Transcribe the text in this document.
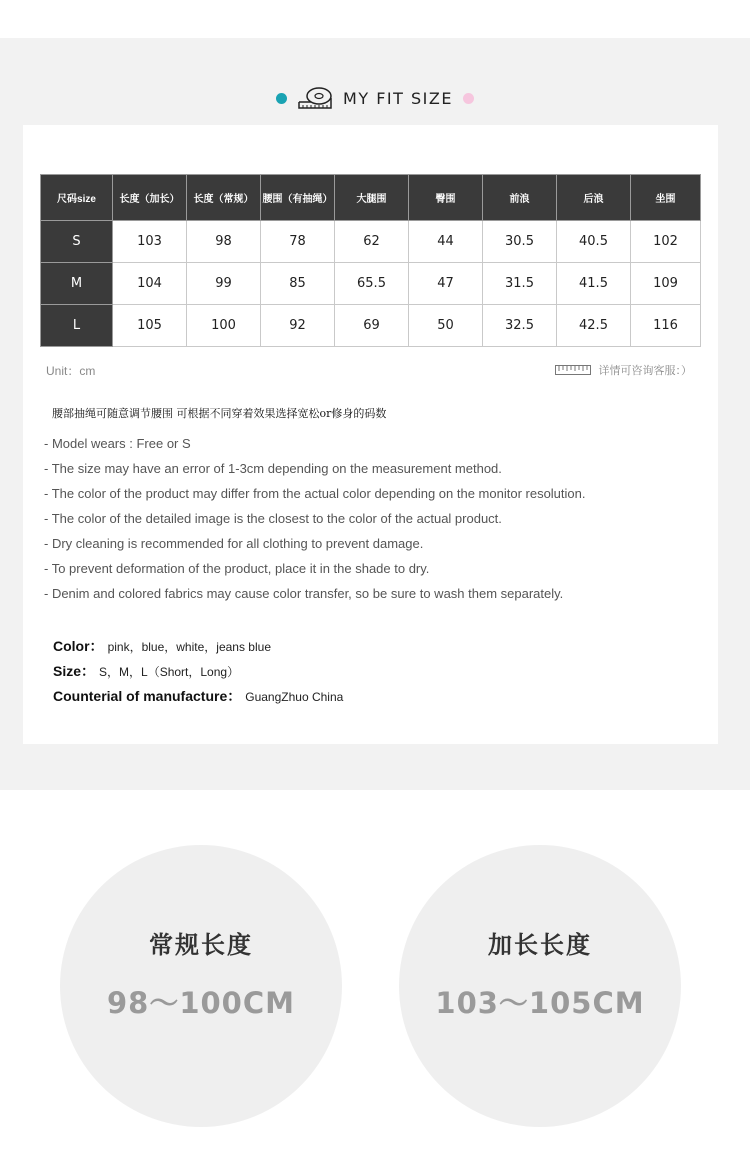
MY FIT SIZE
尺码size	长度（加长）	长度（常规）	腰围（有抽绳）	大腿围	臀围	前浪	后浪	坐围
S	103	98	78	62	44	30.5	40.5	102
M	104	99	85	65.5	47	31.5	41.5	109
L	105	100	92	69	50	32.5	42.5	116
Unit：cm	详情可咨询客服：）
腰部抽绳可随意调节腰围 可根据不同穿着效果选择宽松or修身的码数
- Model wears : Free or S
- The size may have an error of 1-3cm depending on the measurement method.
- The color of the product may differ from the actual color depending on the monitor resolution.
- The color of the detailed image is the closest to the color of the actual product.
- Dry cleaning is recommended for all clothing to prevent damage.
- To prevent deformation of the product, place it in the shade to dry.
- Denim and colored fabrics may cause color transfer, so be sure to wash them separately.
Color： pink，blue，white，jeans blue
Size： S，M，L（Short，Long）
Counterial of manufacture： GuangZhuo China
常规长度
98～100CM
加长长度
103～105CM
